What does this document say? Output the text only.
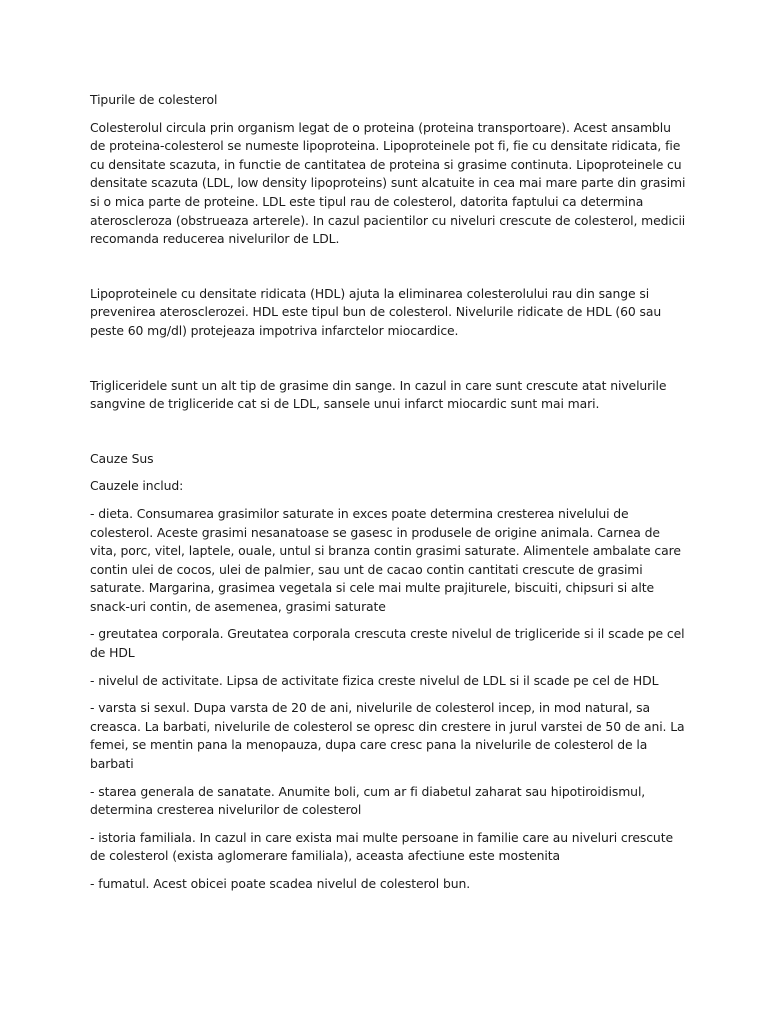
Tipurile de colesterol

Colesterolul circula prin organism legat de o proteina (proteina transportoare). Acest ansamblu de proteina-colesterol se numeste lipoproteina. Lipoproteinele pot fi, fie cu densitate ridicata, fie cu densitate scazuta, in functie de cantitatea de proteina si grasime continuta. Lipoproteinele cu densitate scazuta (LDL, low density lipoproteins) sunt alcatuite in cea mai mare parte din grasimi si o mica parte de proteine. LDL este tipul rau de colesterol, datorita faptului ca determina ateroscleroza (obstrueaza arterele). In cazul pacientilor cu niveluri crescute de colesterol, medicii recomanda reducerea nivelurilor de LDL.

Lipoproteinele cu densitate ridicata (HDL) ajuta la eliminarea colesterolului rau din sange si prevenirea aterosclerozei. HDL este tipul bun de colesterol. Nivelurile ridicate de HDL (60 sau peste 60 mg/dl) protejeaza impotriva infarctelor miocardice.

Trigliceridele sunt un alt tip de grasime din sange. In cazul in care sunt crescute atat nivelurile sangvine de trigliceride cat si de LDL, sansele unui infarct miocardic sunt mai mari.

Cauze Sus

Cauzele includ:

- dieta. Consumarea grasimilor saturate in exces poate determina cresterea nivelului de colesterol. Aceste grasimi nesanatoase se gasesc in produsele de origine animala. Carnea de vita, porc, vitel, laptele, ouale, untul si branza contin grasimi saturate. Alimentele ambalate care contin ulei de cocos, ulei de palmier, sau unt de cacao contin cantitati crescute de grasimi saturate. Margarina, grasimea vegetala si cele mai multe prajiturele, biscuiti, chipsuri si alte snack-uri contin, de asemenea, grasimi saturate

- greutatea corporala. Greutatea corporala crescuta creste nivelul de trigliceride si il scade pe cel de HDL

- nivelul de activitate. Lipsa de activitate fizica creste nivelul de LDL si il scade pe cel de HDL

- varsta si sexul. Dupa varsta de 20 de ani, nivelurile de colesterol incep, in mod natural, sa creasca. La barbati, nivelurile de colesterol se opresc din crestere in jurul varstei de 50 de ani. La femei, se mentin pana la menopauza, dupa care cresc pana la nivelurile de colesterol de la barbati

- starea generala de sanatate. Anumite boli, cum ar fi diabetul zaharat sau hipotiroidismul, determina cresterea nivelurilor de colesterol

- istoria familiala. In cazul in care exista mai multe persoane in familie care au niveluri crescute de colesterol (exista aglomerare familiala), aceasta afectiune este mostenita

- fumatul. Acest obicei poate scadea nivelul de colesterol bun.
